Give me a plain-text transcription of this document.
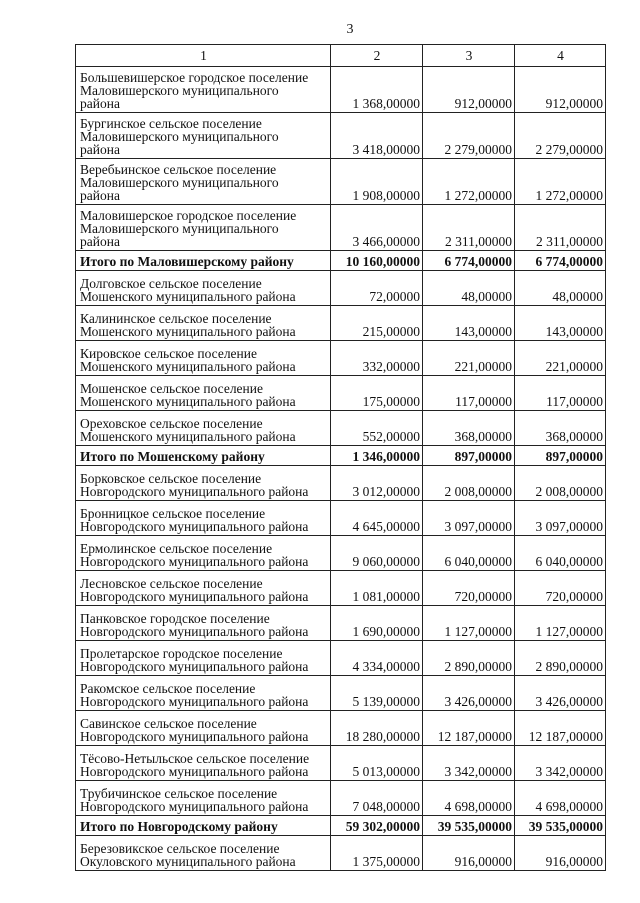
3
1	2	3	4
Большевишерское городское поселение
Маловишерского муниципального
района	1 368,00000	912,00000	912,00000
Бургинское сельское поселение
Маловишерского муниципального
района	3 418,00000	2 279,00000	2 279,00000
Веребьинское сельское поселение
Маловишерского муниципального
района	1 908,00000	1 272,00000	1 272,00000
Маловишерское городское поселение
Маловишерского муниципального
района	3 466,00000	2 311,00000	2 311,00000
Итого по Маловишерскому району	10 160,00000	6 774,00000	6 774,00000
Долговское сельское поселение
Мошенского муниципального района	72,00000	48,00000	48,00000
Калининское сельское поселение
Мошенского муниципального района	215,00000	143,00000	143,00000
Кировское сельское поселение
Мошенского муниципального района	332,00000	221,00000	221,00000
Мошенское сельское поселение
Мошенского муниципального района	175,00000	117,00000	117,00000
Ореховское сельское поселение
Мошенского муниципального района	552,00000	368,00000	368,00000
Итого по Мошенскому району	1 346,00000	897,00000	897,00000
Борковское сельское поселение
Новгородского муниципального района	3 012,00000	2 008,00000	2 008,00000
Бронницкое сельское поселение
Новгородского муниципального района	4 645,00000	3 097,00000	3 097,00000
Ермолинское сельское поселение
Новгородского муниципального района	9 060,00000	6 040,00000	6 040,00000
Лесновское сельское поселение
Новгородского муниципального района	1 081,00000	720,00000	720,00000
Панковское городское поселение
Новгородского муниципального района	1 690,00000	1 127,00000	1 127,00000
Пролетарское городское поселение
Новгородского муниципального района	4 334,00000	2 890,00000	2 890,00000
Ракомское сельское поселение
Новгородского муниципального района	5 139,00000	3 426,00000	3 426,00000
Савинское сельское поселение
Новгородского муниципального района	18 280,00000	12 187,00000	12 187,00000
Тёсово-Нетыльское сельское поселение
Новгородского муниципального района	5 013,00000	3 342,00000	3 342,00000
Трубичинское сельское поселение
Новгородского муниципального района	7 048,00000	4 698,00000	4 698,00000
Итого по Новгородскому району	59 302,00000	39 535,00000	39 535,00000
Березовикское сельское поселение
Окуловского муниципального района	1 375,00000	916,00000	916,00000
